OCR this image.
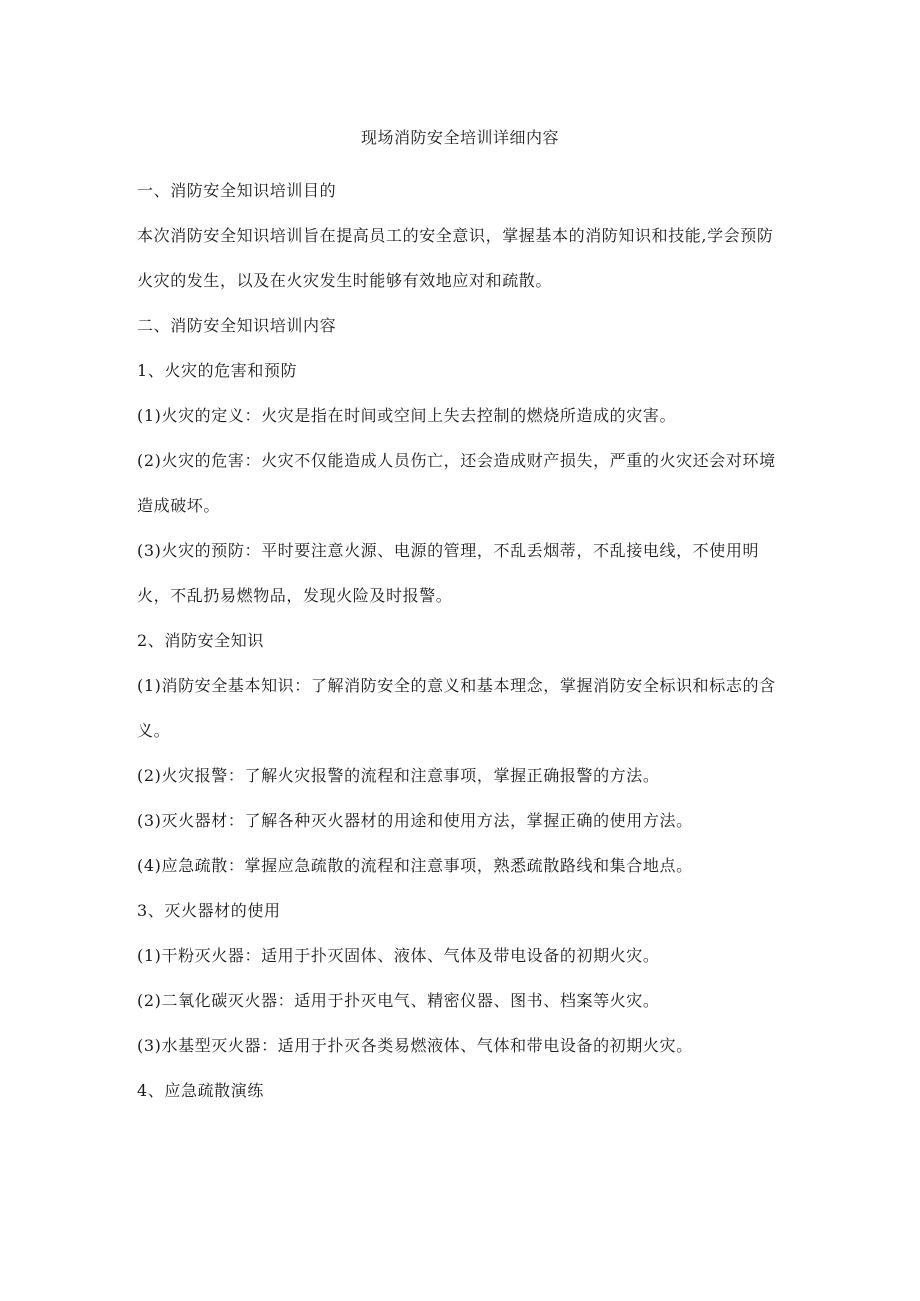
现场消防安全培训详细内容

一、消防安全知识培训目的

本次消防安全知识培训旨在提高员工的安全意识，掌握基本的消防知识和技能,学会预防火灾的发生，以及在火灾发生时能够有效地应对和疏散。

二、消防安全知识培训内容

1、火灾的危害和预防

(1)火灾的定义：火灾是指在时间或空间上失去控制的燃烧所造成的灾害。

(2)火灾的危害：火灾不仅能造成人员伤亡，还会造成财产损失，严重的火灾还会对环境造成破坏。

(3)火灾的预防：平时要注意火源、电源的管理，不乱丢烟蒂，不乱接电线，不使用明火，不乱扔易燃物品，发现火险及时报警。

2、消防安全知识

(1)消防安全基本知识：了解消防安全的意义和基本理念，掌握消防安全标识和标志的含义。

(2)火灾报警：了解火灾报警的流程和注意事项，掌握正确报警的方法。

(3)灭火器材：了解各种灭火器材的用途和使用方法，掌握正确的使用方法。

(4)应急疏散：掌握应急疏散的流程和注意事项，熟悉疏散路线和集合地点。

3、灭火器材的使用

(1)干粉灭火器：适用于扑灭固体、液体、气体及带电设备的初期火灾。

(2)二氧化碳灭火器：适用于扑灭电气、精密仪器、图书、档案等火灾。

(3)水基型灭火器：适用于扑灭各类易燃液体、气体和带电设备的初期火灾。

4、应急疏散演练
